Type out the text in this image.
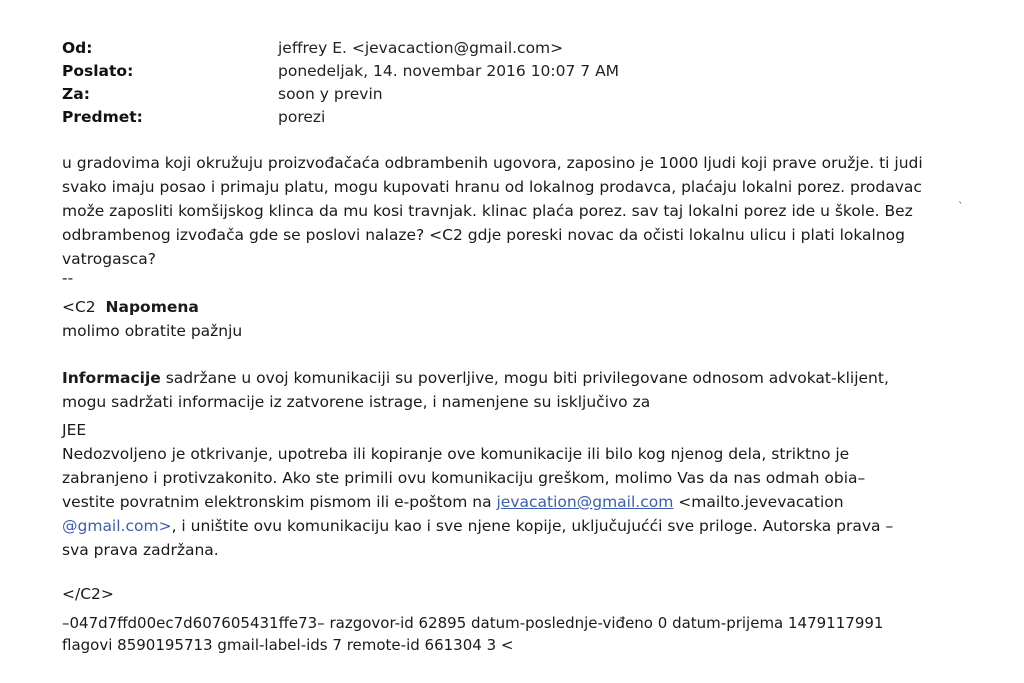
Od:	jeffrey E. <jevacaction@gmail.com>
Poslato:	ponedeljak, 14. novembar 2016 10:07 7 AM
Za:	soon y previn
Predmet:	porezi

u gradovima koji okružuju proizvođačaća odbrambenih ugovora, zaposino je 1000 ljudi koji prave oružje. ti judi

svako imaju posao i primaju platu, mogu kupovati hranu od lokalnog prodavca, plaćaju lokalni porez. prodavac

može zaposliti komšijskog klinca da mu kosi travnjak. klinac plaća porez. sav taj lokalni porez ide u škole. Bez

odbrambenog izvođača gde se poslovi nalaze? <C2 gdje poreski novac da očisti lokalnu ulicu i plati lokalnog

vatrogasca?

--

<C2 Napomena

molimo obratite pažnju

Informacije sadržane u ovoj komunikaciji su poverljive, mogu biti privilegovane odnosom advokat-klijent,

mogu sadržati informacije iz zatvorene istrage, i namenjene su isključivo za

JEE

Nedozvoljeno je otkrivanje, upotreba ili kopiranje ove komunikacije ili bilo kog njenog dela, striktno je

zabranjeno i protivzakonito. Ako ste primili ovu komunikaciju greškom, molimo Vas da nas odmah obia–

vestite povratnim elektronskim pismom ili e-poštom na jevacation@gmail.com <mailto.jevevacation

@gmail.com>, i uništite ovu komunikaciju kao i sve njene kopije, uključujućći sve priloge. Autorska prava –

sva prava zadržana.

</C2>

–047d7ffd00ec7d607605431ffe73– razgovor-id 62895 datum-poslednje-viđeno 0 datum-prijema 1479117991

flagovi 8590195713 gmail-label-ids 7 remote-id 661304 3 <

ˋ
